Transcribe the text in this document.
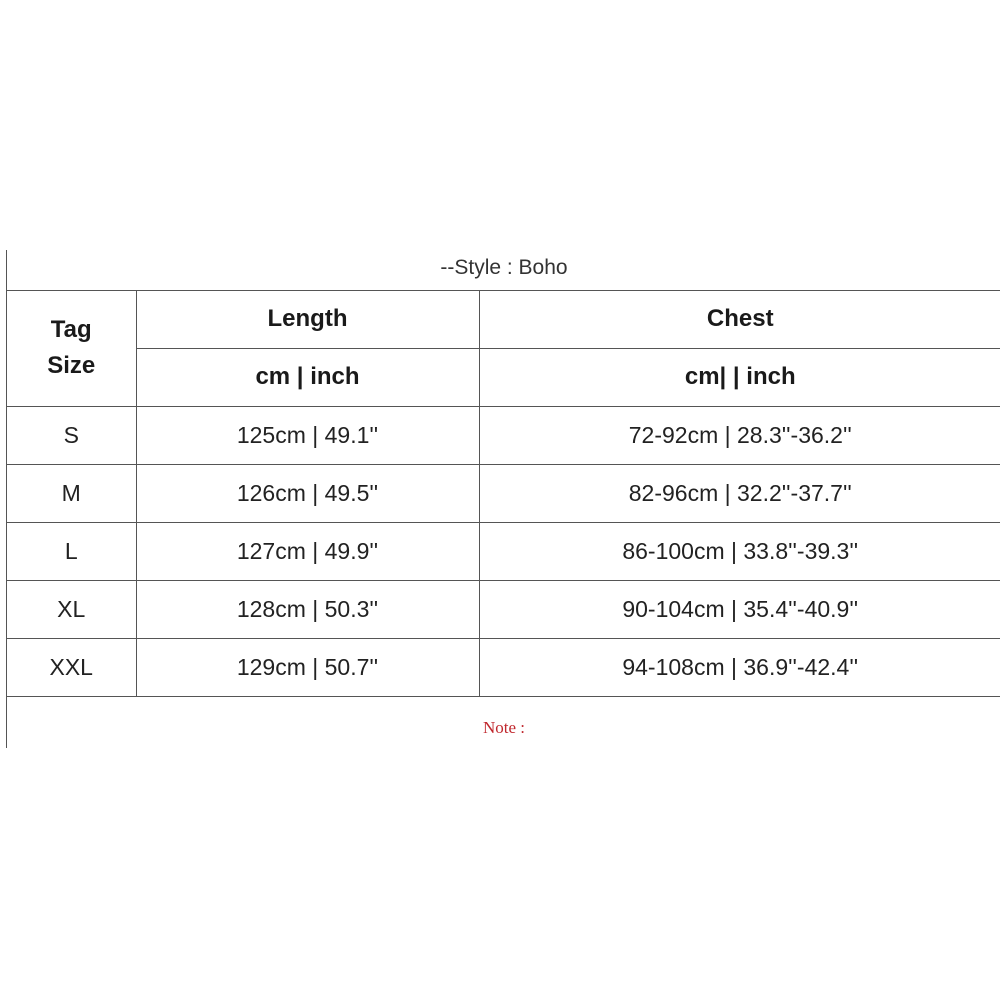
--Style : Boho
Tag
Size	Length	Chest
	cm | inch	cm| | inch
S	125cm | 49.1''	72-92cm | 28.3''-36.2''
M	126cm | 49.5''	82-96cm | 32.2''-37.7''
L	127cm | 49.9''	86-100cm | 33.8''-39.3''
XL	128cm | 50.3''	90-104cm | 35.4''-40.9''
XXL	129cm | 50.7''	94-108cm | 36.9''-42.4''
Note :
